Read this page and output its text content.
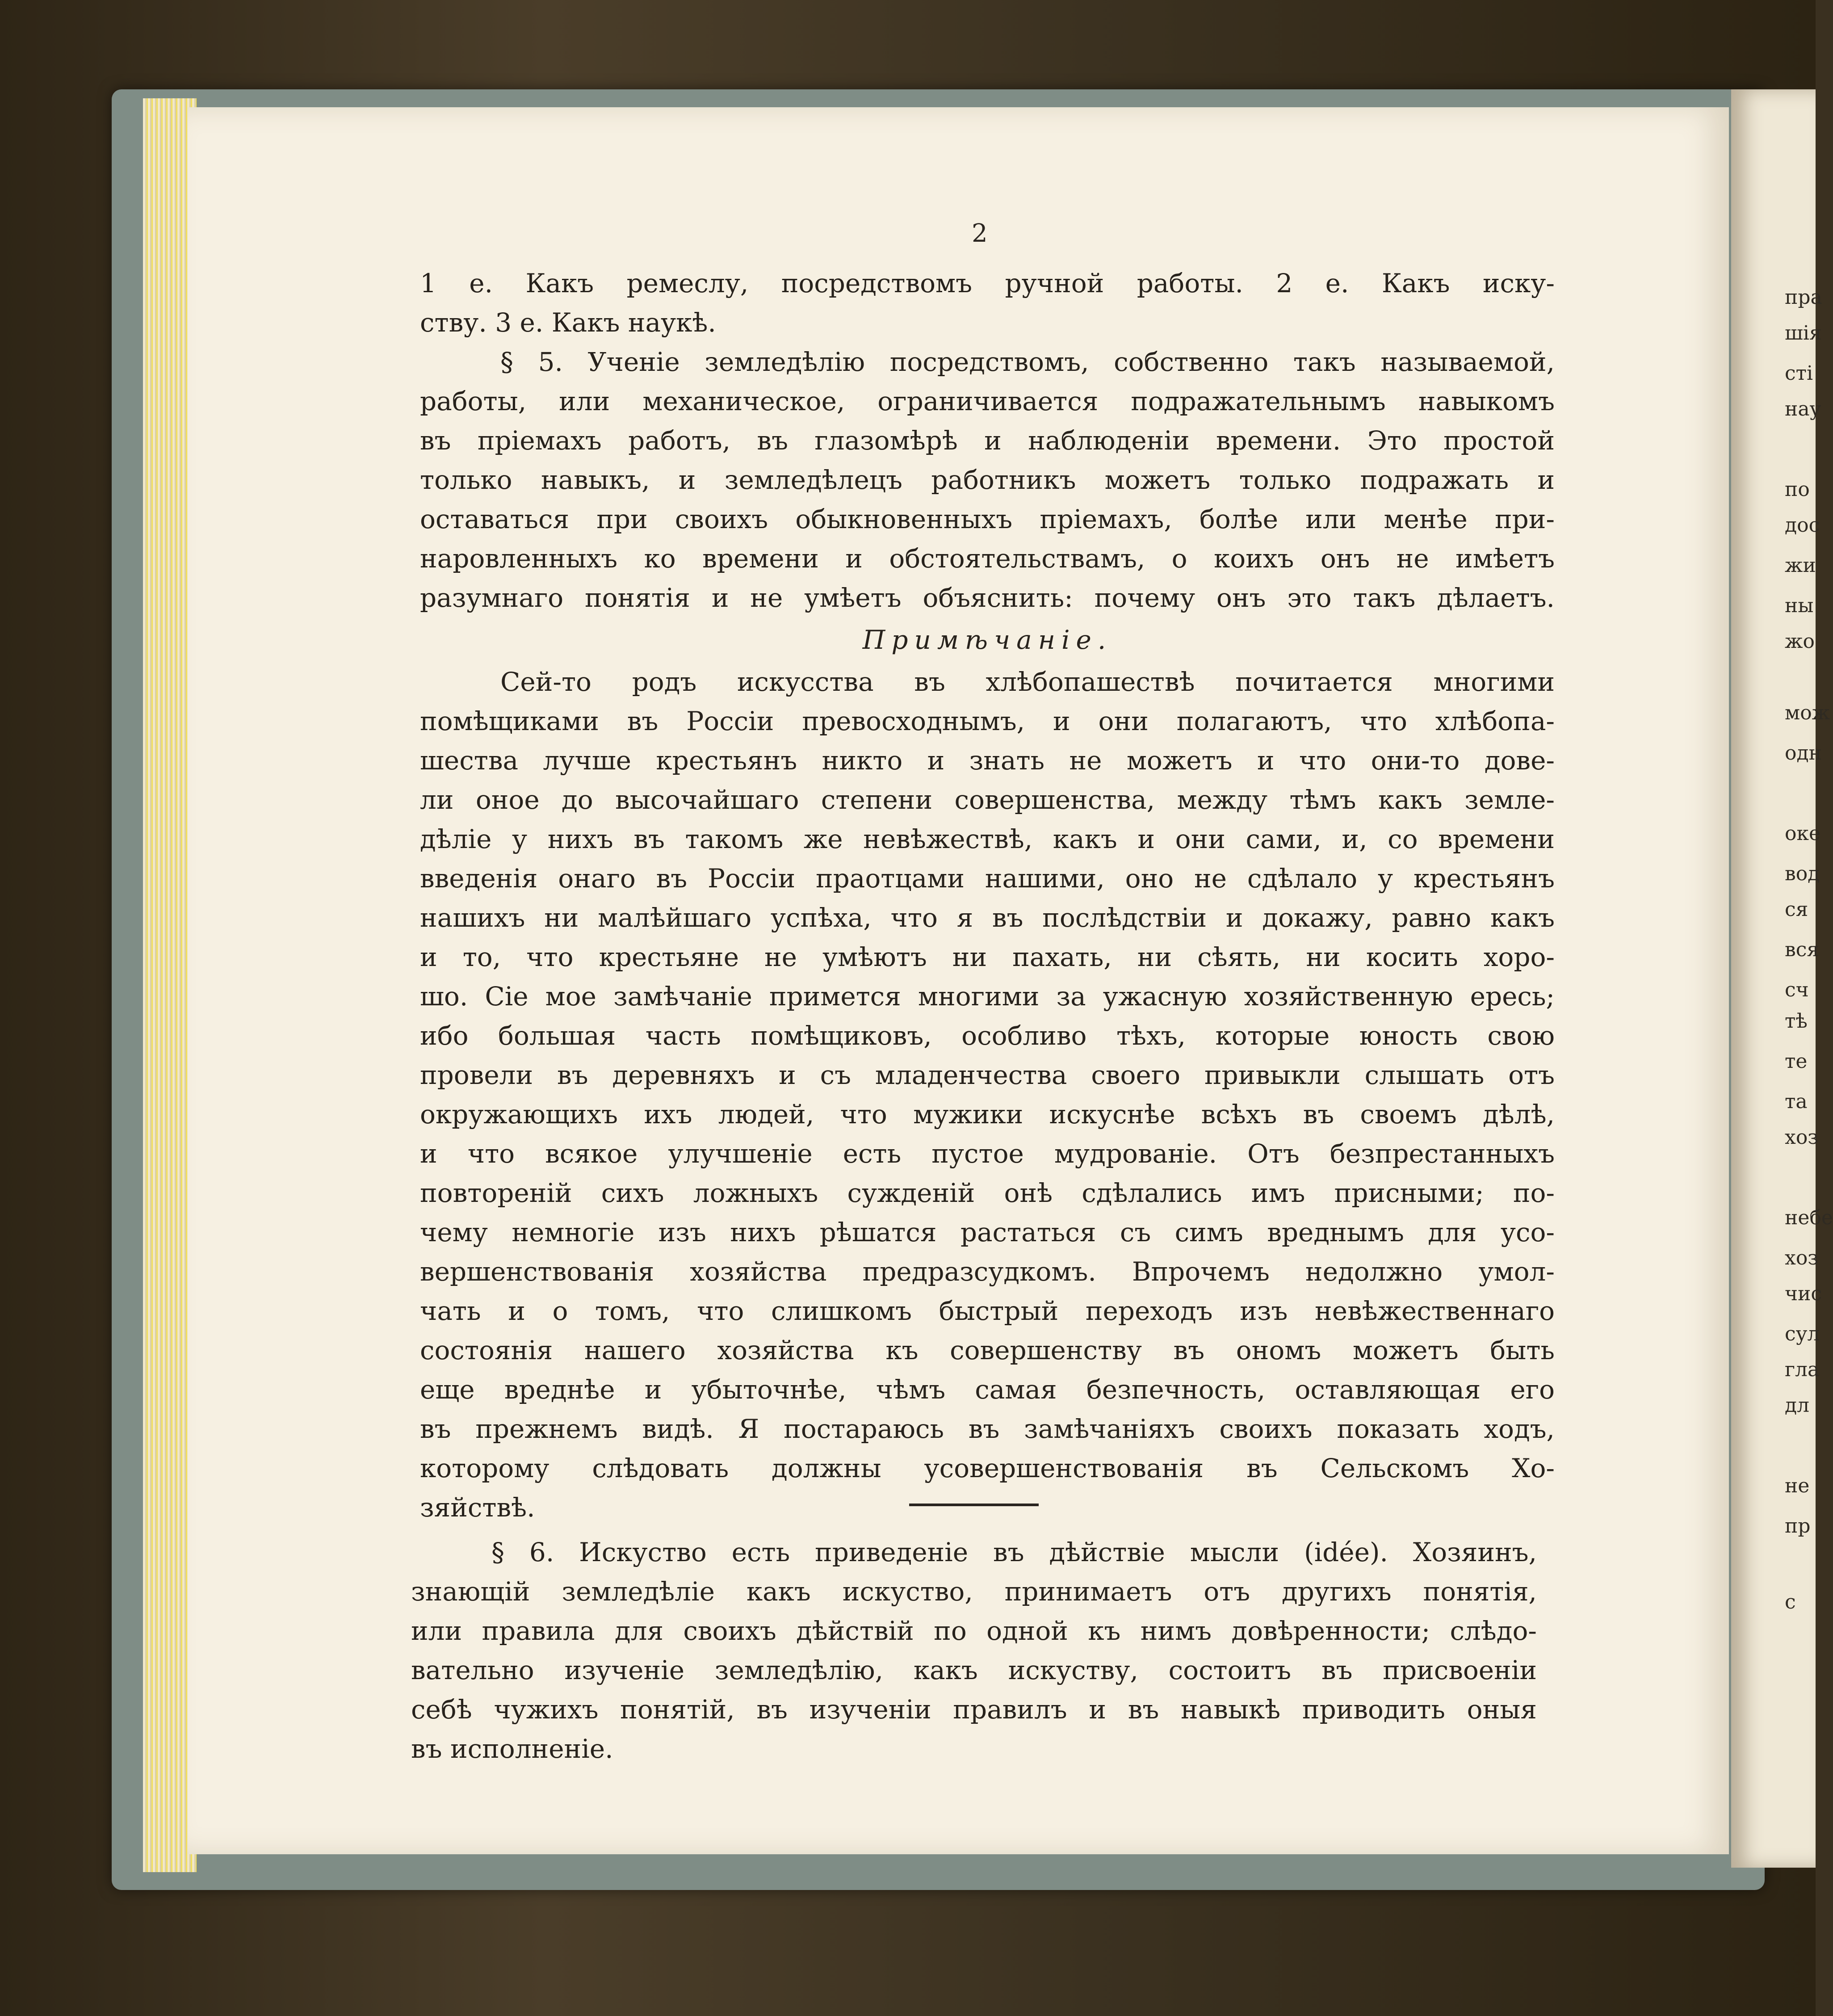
пра
шія
сті
нау
по
дос
жи
ны
жо
мож
одн
оке
вод
ся
вся
сч
тѣ
те
та
хоз
небе
хоз
чис
сул
гла
дл
не
пр
с
2
1 е. Какъ ремеслу, посредствомъ ручной работы. 2 е. Какъ иску-
ству. 3 е. Какъ наукѣ.
§ 5. Ученіе земледѣлію посредствомъ, собственно такъ называемой,
работы, или механическое, ограничивается подражательнымъ навыкомъ
въ пріемахъ работъ, въ глазомѣрѣ и наблюденіи времени. Это простой
только навыкъ, и земледѣлецъ работникъ можетъ только подражать и
оставаться при своихъ обыкновенныхъ пріемахъ, болѣе или менѣе при-
наровленныхъ ко времени и обстоятельствамъ, о коихъ онъ не имѣетъ
разумнаго понятія и не умѣетъ объяснить: почему онъ это такъ дѣлаетъ.
Примѣчаніе.
Сей-то родъ искусства въ хлѣбопашествѣ почитается многими
помѣщиками въ Россіи превосходнымъ, и они полагаютъ, что хлѣбопа-
шества лучше крестьянъ никто и знать не можетъ и что они-то дове-
ли оное до высочайшаго степени совершенства, между тѣмъ какъ земле-
дѣліе у нихъ въ такомъ же невѣжествѣ, какъ и они сами, и, со времени
введенія онаго въ Россіи праотцами нашими, оно не сдѣлало у крестьянъ
нашихъ ни малѣйшаго успѣха, что я въ послѣдствіи и докажу, равно какъ
и то, что крестьяне не умѣютъ ни пахать, ни сѣять, ни косить хоро-
шо. Сіе мое замѣчаніе примется многими за ужасную хозяйственную ересь;
ибо большая часть помѣщиковъ, особливо тѣхъ, которые юность свою
провели въ деревняхъ и съ младенчества своего привыкли слышать отъ
окружающихъ ихъ людей, что мужики искуснѣе всѣхъ въ своемъ дѣлѣ,
и что всякое улучшеніе есть пустое мудрованіе. Отъ безпрестанныхъ
повтореній сихъ ложныхъ сужденій онѣ сдѣлались имъ присными; по-
чему немногіе изъ нихъ рѣшатся растаться съ симъ вреднымъ для усо-
вершенствованія хозяйства предразсудкомъ. Впрочемъ недолжно умол-
чать и о томъ, что слишкомъ быстрый переходъ изъ невѣжественнаго
состоянія нашего хозяйства къ совершенству въ ономъ можетъ быть
еще вреднѣе и убыточнѣе, чѣмъ самая безпечность, оставляющая его
въ прежнемъ видѣ. Я постараюсь въ замѣчаніяхъ своихъ показать ходъ,
которому слѣдовать должны усовершенствованія въ Сельскомъ Хо-
зяйствѣ.
§ 6. Искуство есть приведеніе въ дѣйствіе мысли (idée). Хозяинъ,
знающій земледѣліе какъ искуство, принимаетъ отъ другихъ понятія,
или правила для своихъ дѣйствій по одной къ нимъ довѣренности; слѣдо-
вательно изученіе земледѣлію, какъ искуству, состоитъ въ присвоеніи
себѣ чужихъ понятій, въ изученіи правилъ и въ навыкѣ приводить оныя
въ исполненіе.
